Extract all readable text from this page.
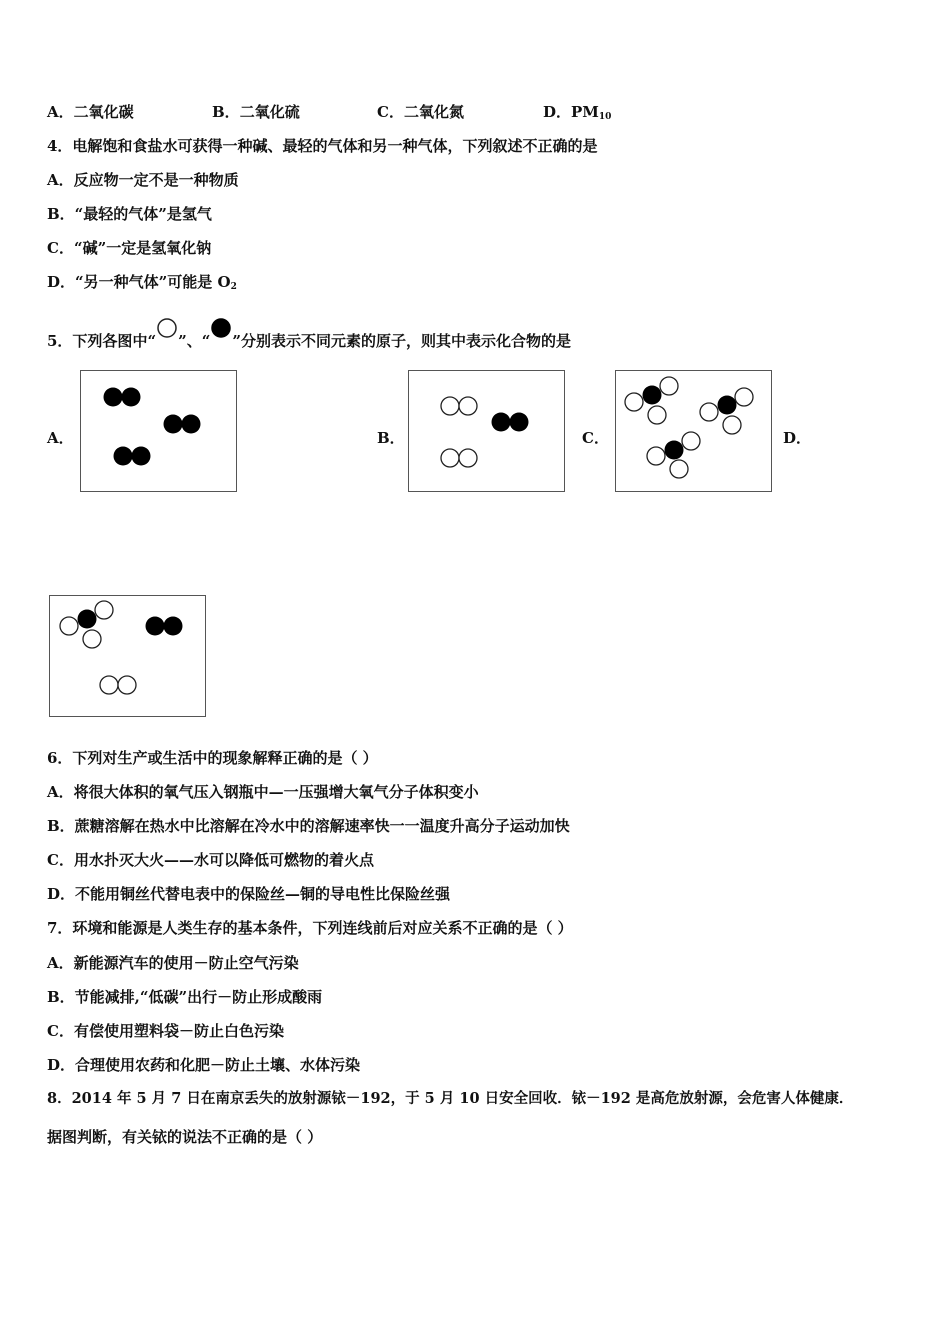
A．二氧化碳	B．二氧化硫	C．二氧化氮	D．$PM_{10}$
4．电解饱和食盐水可获得一种碱、最轻的气体和另一种气体，下列叙述不正确的是
A．反应物一定不是一种物质
B．“最轻的气体”是氢气
C．“碱”一定是氢氧化钠
D．“另一种气体”可能是 $O_2$
5．下列各图中“ ”、“ ”分别表示不同元素的原子，则其中表示化合物的是
A．	B．	C．	D．
6．下列对生产或生活中的现象解释正确的是（ ）
A．将很大体积的氧气压入钢瓶中—一压强增大氧气分子体积变小
B．蔗糖溶解在热水中比溶解在冷水中的溶解速率快一一温度升高分子运动加快
C．用水扑灭大火——水可以降低可燃物的着火点
D．不能用铜丝代替电表中的保险丝—铜的导电性比保险丝强
7．环境和能源是人类生存的基本条件，下列连线前后对应关系不正确的是（ ）
A．新能源汽车的使用－防止空气污染
B．节能减排,“低碳”出行－防止形成酸雨
C．有偿使用塑料袋－防止白色污染
D．合理使用农药和化肥－防止土壤、水体污染
8．2014 年 5 月 7 日在南京丢失的放射源铱－192，于 5 月 10 日安全回收．铱－192 是高危放射源，会危害人体健康．
据图判断，有关铱的说法不正确的是（ ）
